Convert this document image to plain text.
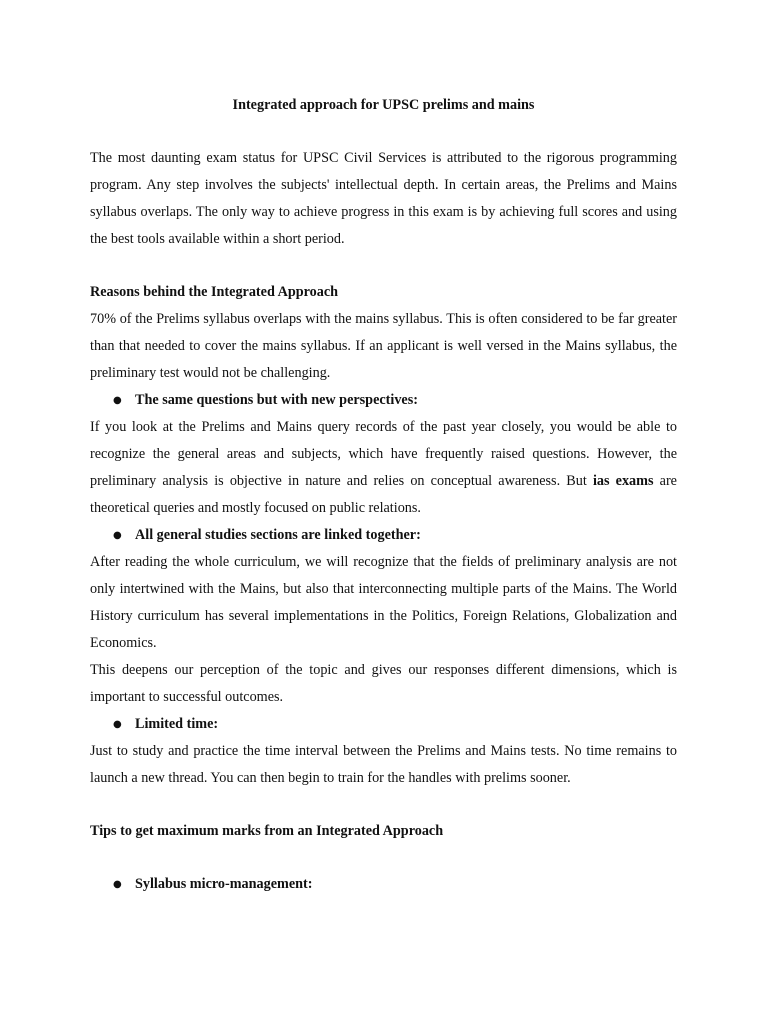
Integrated approach for UPSC prelims and mains

The most daunting exam status for UPSC Civil Services is attributed to the rigorous programming program. Any step involves the subjects' intellectual depth. In certain areas, the Prelims and Mains syllabus overlaps. The only way to achieve progress in this exam is by achieving full scores and using the best tools available within a short period.

Reasons behind the Integrated Approach

70% of the Prelims syllabus overlaps with the mains syllabus. This is often considered to be far greater than that needed to cover the mains syllabus. If an applicant is well versed in the Mains syllabus, the preliminary test would not be challenging.

● The same questions but with new perspectives:

If you look at the Prelims and Mains query records of the past year closely, you would be able to recognize the general areas and subjects, which have frequently raised questions. However, the preliminary analysis is objective in nature and relies on conceptual awareness. But ias exams are theoretical queries and mostly focused on public relations.

● All general studies sections are linked together:

After reading the whole curriculum, we will recognize that the fields of preliminary analysis are not only intertwined with the Mains, but also that interconnecting multiple parts of the Mains. The World History curriculum has several implementations in the Politics, Foreign Relations, Globalization and Economics.

This deepens our perception of the topic and gives our responses different dimensions, which is important to successful outcomes.

● Limited time:

Just to study and practice the time interval between the Prelims and Mains tests. No time remains to launch a new thread. You can then begin to train for the handles with prelims sooner.

Tips to get maximum marks from an Integrated Approach

● Syllabus micro-management:
